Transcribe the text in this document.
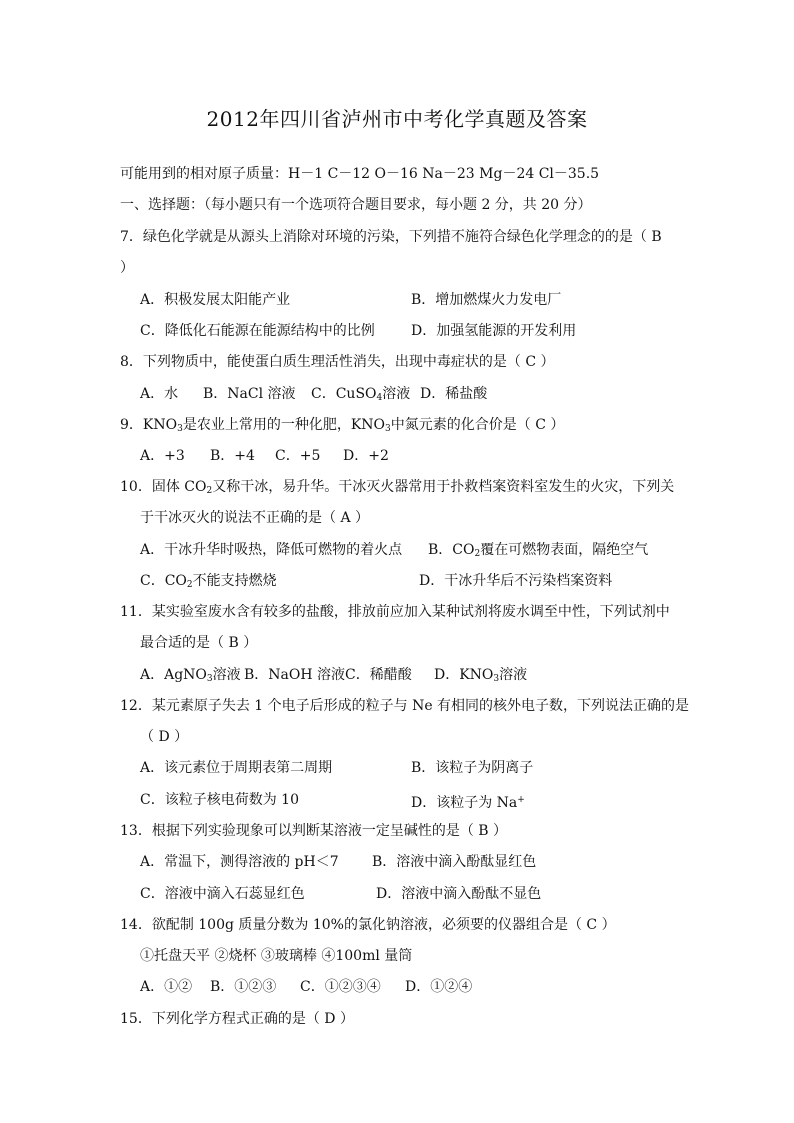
2012年四川省泸州市中考化学真题及答案
可能用到的相对原子质量：H－1 C－12 O－16 Na－23 Mg－24 Cl－35.5
一、选择题：（每小题只有一个选项符合题目要求，每小题 2 分，共 20 分）
7．绿色化学就是从源头上消除对环境的污染，下列措不施符合绿色化学理念的的是（ B
）
A．积极发展太阳能产业	B．增加燃煤火力发电厂
C．降低化石能源在能源结构中的比例	D．加强氢能源的开发利用
8．下列物质中，能使蛋白质生理活性消失，出现中毒症状的是（ C ）
A．水 B．NaCl 溶液 C．CuSO$_4$溶液 D．稀盐酸
9．$KNO_3$是农业上常用的一种化肥，$KNO_3$中氮元素的化合价是（ C ）
A．+3 B．+4 C．+5 D．+2
10．固体 $CO_2$又称干冰，易升华。干冰灭火器常用于扑救档案资料室发生的火灾，下列关
于干冰灭火的说法不正确的是（ A ）
A．干冰升华时吸热，降低可燃物的着火点 B．$CO_2$覆在可燃物表面，隔绝空气
C．$CO_2$不能支持燃烧	D．干冰升华后不污染档案资料
11．某实验室废水含有较多的盐酸，排放前应加入某种试剂将废水调至中性，下列试剂中
最合适的是（ B ）
A．AgNO$_3$溶液 B．NaOH 溶液 C．稀醋酸 D．$KNO_3$溶液
12．某元素原子失去 1 个电子后形成的粒子与 Ne 有相同的核外电子数，下列说法正确的是
（ D ）
A．该元素位于周期表第二周期	B．该粒子为阴离子
C．该粒子核电荷数为 10	D．该粒子为 Na+
13．根据下列实验现象可以判断某溶液一定呈碱性的是（ B ）
A．常温下，测得溶液的 pH＜7 B．溶液中滴入酚酞显红色
C．溶液中滴入石蕊显红色	D．溶液中滴入酚酞不显色
14．欲配制 100g 质量分数为 10%的氯化钠溶液，必须要的仪器组合是（ C ）
①托盘天平 ②烧杯 ③玻璃棒 ④100ml 量筒
A．①② B．①②③ C．①②③④ D．①②④
15．下列化学方程式正确的是（ D ）
